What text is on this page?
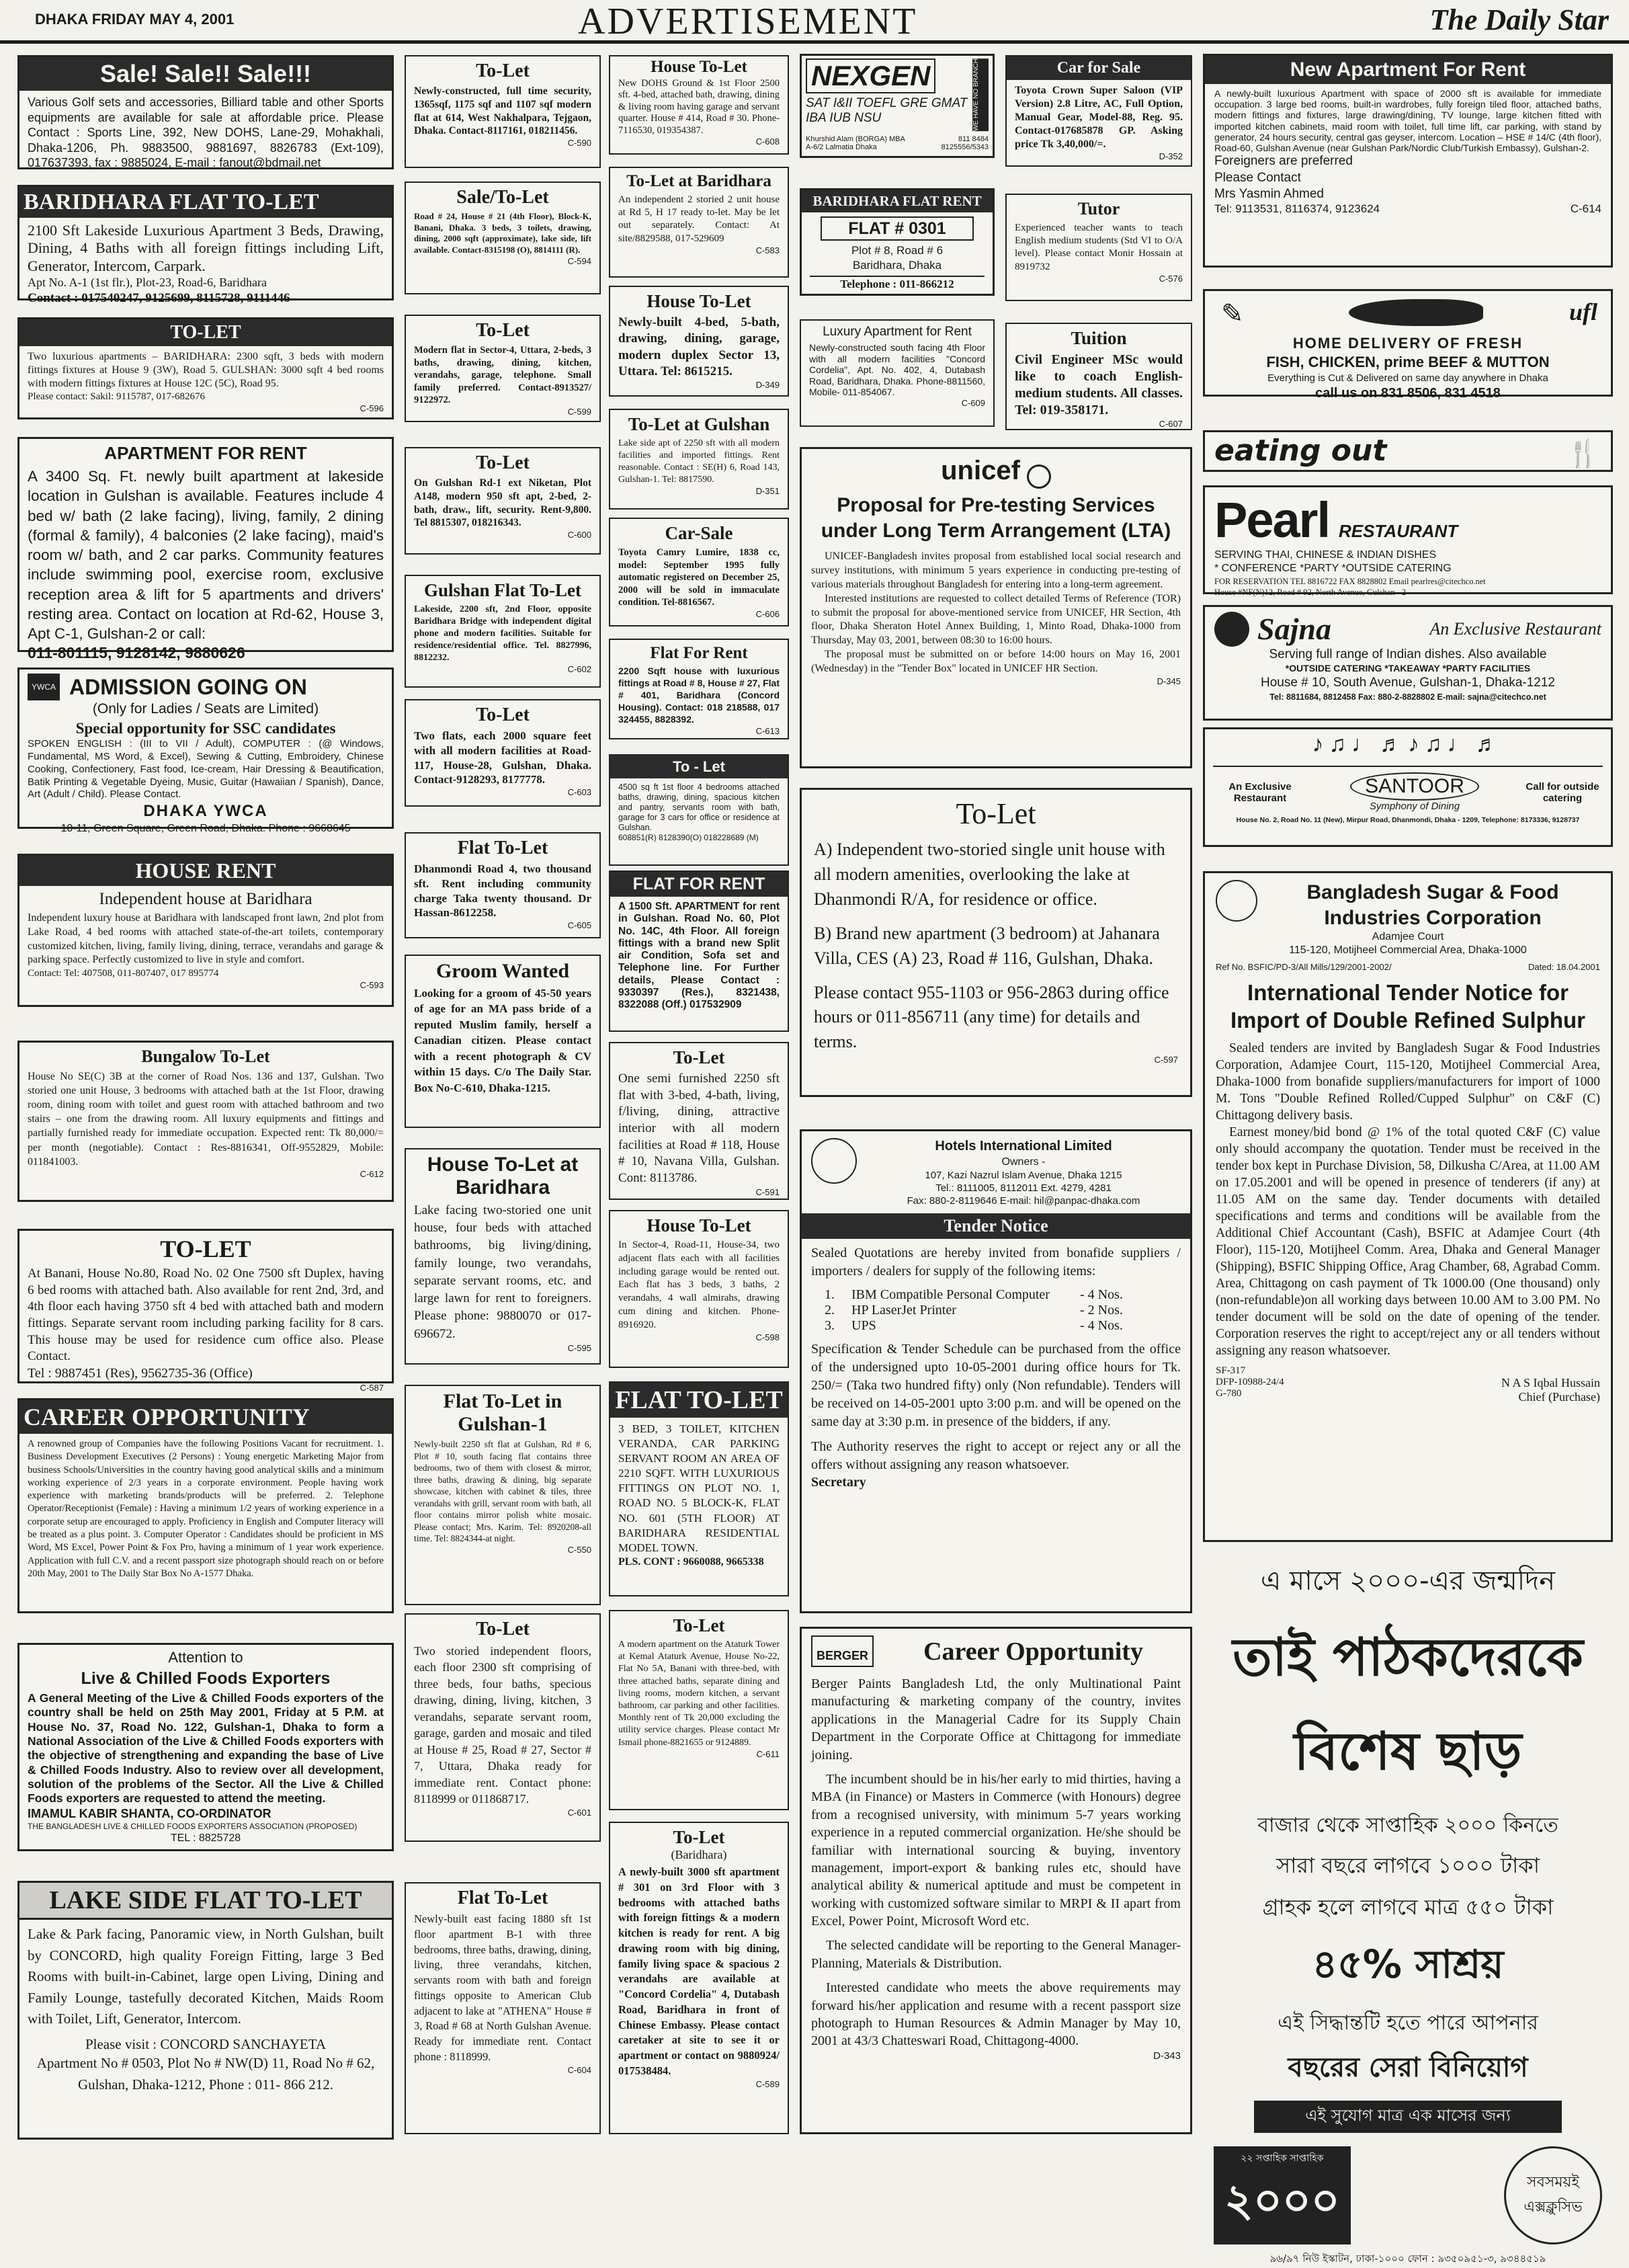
DHAKA FRIDAY MAY 4, 2001	ADVERTISEMENT	The Daily Star
Sale! Sale!! Sale!!!
Various Golf sets and accessories, Billiard table and other Sports equipments are available for sale at affordable price. Please Contact : Sports Line, 392, New DOHS, Lane-29, Mohakhali, Dhaka-1206, Ph. 9883500, 9881697, 8826783 (Ext-109), 017637393, fax : 9885024, E-mail : fanout@bdmail.net
BARIDHARA FLAT TO-LET
2100 Sft Lakeside Luxurious Apartment 3 Beds, Drawing, Dining, 4 Baths with all foreign fittings including Lift, Generator, Intercom, Carpark.
Apt No. A-1 (1st flr.), Plot-23, Road-6, Baridhara
Contact : 017540247, 9125699, 8115728, 9111446
TO-LET
Two luxurious apartments – BARIDHARA: 2300 sqft, 3 beds with modern fittings fixtures at House 9 (3W), Road 5. GULSHAN: 3000 sqft 4 bed rooms with modern fittings fixtures at House 12C (5C), Road 95.
Please contact: Sakil: 9115787, 017-682676
C-596
APARTMENT FOR RENT
A 3400 Sq. Ft. newly built apartment at lakeside location in Gulshan is available. Features include 4 bed w/ bath (2 lake facing), living, family, 2 dining (formal & family), 4 balconies (2 lake facing), maid's room w/ bath, and 2 car parks. Community features include swimming pool, exercise room, exclusive reception area & lift for 5 apartments and drivers' resting area. Contact on location at Rd-62, House 3, Apt C-1, Gulshan-2 or call:
011-801115, 9128142, 9880626
YWCA ADMISSION GOING ON
(Only for Ladies / Seats are Limited)
Special opportunity for SSC candidates
SPOKEN ENGLISH : (III to VII / Adult), COMPUTER : (@ Windows, Fundamental, MS Word, & Excel), Sewing & Cutting, Embroidery, Chinese Cooking, Confectionery, Fast food, Ice-cream, Hair Dressing & Beautification, Batik Printing & Vegetable Dyeing, Music, Guitar (Hawaiian / Spanish), Dance, Art (Adult / Child). Please Contact.
DHAKA YWCA
10-11, Green Square, Green Road, Dhaka. Phone : 9668645
HOUSE RENT
Independent house at Baridhara
Independent luxury house at Baridhara with landscaped front lawn, 2nd plot from Lake Road, 4 bed rooms with attached state-of-the-art toilets, contemporary customized kitchen, living, family living, dining, terrace, verandahs and garage & parking space. Perfectly customized to live in style and comfort.
Contact: Tel: 407508, 011-807407, 017 895774
C-593
Bungalow To-Let
House No SE(C) 3B at the corner of Road Nos. 136 and 137, Gulshan. Two storied one unit House, 3 bedrooms with attached bath at the 1st Floor, drawing room, dining room with toilet and guest room with attached bathroom and two stairs – one from the drawing room. All luxury equipments and fittings and partially furnished ready for immediate occupation. Expected rent: Tk 80,000/= per month (negotiable). Contact : Res-8816341, Off-9552829, Mobile: 011841003.
C-612
TO-LET
At Banani, House No.80, Road No. 02 One 7500 sft Duplex, having 6 bed rooms with attached bath. Also available for rent 2nd, 3rd, and 4th floor each having 3750 sft 4 bed with attached bath and modern fittings. Separate servant room including parking facility for 8 cars. This house may be used for residence cum office also. Please Contact.
Tel : 9887451 (Res), 9562735-36 (Office)
C-587
CAREER OPPORTUNITY
A renowned group of Companies have the following Positions Vacant for recruitment. 1. Business Development Executives (2 Persons) : Young energetic Marketing Major from business Schools/Universities in the country having good analytical skills and a minimum working experience of 2/3 years in a corporate environment. People having work experience with marketing brands/products will be preferred. 2. Telephone Operator/Receptionist (Female) : Having a minimum 1/2 years of working experience in a corporate setup are encouraged to apply. Proficiency in English and Computer literacy will be treated as a plus point. 3. Computer Operator : Candidates should be proficient in MS Word, MS Excel, Power Point & Fox Pro, having a minimum of 1 year work experience. Application with full C.V. and a recent passport size photograph should reach on or before 20th May, 2001 to The Daily Star Box No A-1577 Dhaka.
Attention to
Live & Chilled Foods Exporters
A General Meeting of the Live & Chilled Foods exporters of the country shall be held on 25th May 2001, Friday at 5 P.M. at House No. 37, Road No. 122, Gulshan-1, Dhaka to form a National Association of the Live & Chilled Foods exporters with the objective of strengthening and expanding the base of Live & Chilled Foods Industry. Also to review over all development, solution of the problems of the Sector. All the Live & Chilled Foods exporters are requested to attend the meeting.
IMAMUL KABIR SHANTA, CO-ORDINATOR
THE BANGLADESH LIVE & CHILLED FOODS EXPORTERS ASSOCIATION (PROPOSED)
TEL : 8825728
LAKE SIDE FLAT TO-LET
Lake & Park facing, Panoramic view, in North Gulshan, built by CONCORD, high quality Foreign Fitting, large 3 Bed Rooms with built-in-Cabinet, large open Living, Dining and Family Lounge, tastefully decorated Kitchen, Maids Room with Toilet, Lift, Generator, Intercom.
Please visit : CONCORD SANCHAYETA
Apartment No # 0503, Plot No # NW(D) 11, Road No # 62, Gulshan, Dhaka-1212, Phone : 011- 866 212.
To-Let
Newly-constructed, full time security, 1365sqf, 1175 sqf and 1107 sqf modern flat at 614, West Nakhalpara, Tejgaon, Dhaka. Contact-8117161, 018211456.
C-590
Sale/To-Let
Road # 24, House # 21 (4th Floor), Block-K, Banani, Dhaka. 3 beds, 3 toilets, drawing, dining, 2000 sqft (approximate), lake side, lift available. Contact-8315198 (O), 8814111 (R).
C-594
To-Let
Modern flat in Sector-4, Uttara, 2-beds, 3 baths, drawing, dining, kitchen, verandahs, garage, telephone. Small family preferred. Contact-8913527/ 9122972.
C-599
To-Let
On Gulshan Rd-1 ext Niketan, Plot A148, modern 950 sft apt, 2-bed, 2-bath, draw., lift, security. Rent-9,800. Tel 8815307, 018216343.
C-600
Gulshan Flat To-Let
Lakeside, 2200 sft, 2nd Floor, opposite Baridhara Bridge with independent digital phone and modern facilities. Suitable for residence/residential office. Tel. 8827996, 8812232.
C-602
To-Let
Two flats, each 2000 square feet with all modern facilities at Road-117, House-28, Gulshan, Dhaka. Contact-9128293, 8177778.
C-603
Flat To-Let
Dhanmondi Road 4, two thousand sft. Rent including community charge Taka twenty thousand. Dr Hassan-8612258.
C-605
Groom Wanted
Looking for a groom of 45-50 years of age for an MA pass bride of a reputed Muslim family, herself a Canadian citizen. Please contact with a recent photograph & CV within 15 days. C/o The Daily Star. Box No-C-610, Dhaka-1215.
House To-Let at Baridhara
Lake facing two-storied one unit house, four beds with attached bathrooms, big living/dining, family lounge, two verandahs, separate servant rooms, etc. and large lawn for rent to foreigners. Please phone: 9880070 or 017-696672.
C-595
Flat To-Let in Gulshan-1
Newly-built 2250 sft flat at Gulshan, Rd # 6, Plot # 10, south facing flat contains three bedrooms, two of them with closest & mirror, three baths, drawing & dining, big separate showcase, kitchen with cabinet & tiles, three verandahs with grill, servant room with bath, all floor contains mirror polish white mosaic. Please contact; Mrs. Karim. Tel: 8920208-all time. Tel: 8824344-at night.
C-550
To-Let
Two storied independent floors, each floor 2300 sft comprising of three beds, four baths, specious drawing, dining, living, kitchen, 3 verandahs, separate servant room, garage, garden and mosaic and tiled at House # 25, Road # 27, Sector # 7, Uttara, Dhaka ready for immediate rent. Contact phone: 8118999 or 011868717.
C-601
Flat To-Let
Newly-built east facing 1880 sft 1st floor apartment B-1 with three bedrooms, three baths, drawing, dining, living, three verandahs, kitchen, servants room with bath and foreign fittings opposite to American Club adjacent to lake at "ATHENA" House # 3, Road # 68 at North Gulshan Avenue. Ready for immediate rent. Contact phone : 8118999.
C-604
House To-Let
New DOHS Ground & 1st Floor 2500 sft. 4-bed, attached bath, drawing, dining & living room having garage and servant quarter. House # 414, Road # 30. Phone-7116530, 019354387.
C-608
To-Let at Baridhara
An independent 2 storied 2 unit house at Rd 5, H 17 ready to-let. May be let out separately. Contact: At site/8829588, 017-529609
C-583
House To-Let
Newly-built 4-bed, 5-bath, drawing, dining, garage, modern duplex Sector 13, Uttara. Tel: 8615215.
D-349
To-Let at Gulshan
Lake side apt of 2250 sft with all modern facilities and imported fittings. Rent reasonable. Contact : SE(H) 6, Road 143, Gulshan-1. Tel: 8817590.
D-351
Car-Sale
Toyota Camry Lumire, 1838 cc, model: September 1995 fully automatic registered on December 25, 2000 will be sold in immaculate condition. Tel-8816567.
C-606
Flat For Rent
2200 Sqft house with luxurious fittings at Road # 8, House # 27, Flat # 401, Baridhara (Concord Housing). Contact: 018 218588, 017 324455, 8828392.
C-613
To - Let
4500 sq ft 1st floor 4 bedrooms attached baths, drawing, dining, spacious kitchen and pantry, servants room with bath, garage for 3 cars for office or residence at Gulshan.
608851(R) 8128390(O) 018228689 (M)
FLAT FOR RENT
A 1500 Sft. APARTMENT for rent in Gulshan. Road No. 60, Plot No. 14C, 4th Floor. All foreign fittings with a brand new Split air Condition, Sofa set and Telephone line. For Further details, Please Contact : 9330397 (Res.), 8321438, 8322088 (Off.) 017532909
To-Let
One semi furnished 2250 sft flat with 3-bed, 4-bath, living, f/living, dining, attractive interior with all modern facilities at Road # 118, House # 10, Navana Villa, Gulshan. Cont: 8113786.
C-591
House To-Let
In Sector-4, Road-11, House-34, two adjacent flats each with all facilities including garage would be rented out. Each flat has 3 beds, 3 baths, 2 verandahs, 4 wall almirahs, drawing cum dining and kitchen. Phone-8916920.
C-598
FLAT TO-LET
3 BED, 3 TOILET, KITCHEN VERANDA, CAR PARKING SERVANT ROOM AN AREA OF 2210 SQFT. WITH LUXURIOUS FITTINGS ON PLOT NO. 1, ROAD NO. 5 BLOCK-K, FLAT NO. 601 (5TH FLOOR) AT BARIDHARA RESIDENTIAL MODEL TOWN.
PLS. CONT : 9660088, 9665338
To-Let
A modern apartment on the Ataturk Tower at Kemal Ataturk Avenue, House No-22, Flat No 5A, Banani with three-bed, with three attached baths, separate dining and living rooms, modern kitchen, a servant bathroom, car parking and other facilities. Monthly rent of Tk 20,000 excluding the utility service charges. Please contact Mr Ismail phone-8821655 or 9124889.
C-611
To-Let
(Baridhara)
A newly-built 3000 sft apartment # 301 on 3rd Floor with 3 bedrooms with attached baths with foreign fittings & a modern kitchen is ready for rent. A big drawing room with big dining, family living space & spacious 2 verandahs are available at "Concord Cordelia" 4, Dutabash Road, Baridhara in front of Chinese Embassy. Please contact caretaker at site to see it or apartment or contact on 9880924/ 017538484.
C-589
NEXGEN
SAT I&II TOEFL GRE GMAT IBA IUB NSU	WE HAVE NO BRANCH
Khurshid Alam (BORGA) MBA	811 8484
A-6/2 Lalmatia Dhaka	8125556/5343
Car for Sale
Toyota Crown Super Saloon (VIP Version) 2.8 Litre, AC, Full Option, Manual Gear, Model-88, Reg. 95. Contact-017685878 GP. Asking price Tk 3,40,000/=.
D-352
BARIDHARA FLAT RENT
FLAT # 0301
Plot # 8, Road # 6
Baridhara, Dhaka
Telephone : 011-866212
Tutor
Experienced teacher wants to teach English medium students (Std VI to O/A level). Please contact Monir Hossain at 8919732
C-576
Luxury Apartment for Rent
Newly-constructed south facing 4th Floor with all modern facilities "Concord Cordelia", Apt. No. 402, 4, Dutabash Road, Baridhara, Dhaka. Phone-8811560, Mobile- 011-854067.
C-609
Tuition
Civil Engineer MSc would like to coach English-medium students. All classes. Tel: 019-358171.
C-607
unicef
Proposal for Pre-testing Services under Long Term Arrangement (LTA)
UNICEF-Bangladesh invites proposal from established local social research and survey institutions, with minimum 5 years experience in conducting pre-testing of various materials throughout Bangladesh for entering into a long-term agreement.
Interested institutions are requested to collect detailed Terms of Reference (TOR) to submit the proposal for above-mentioned service from UNICEF, HR Section, 4th floor, Dhaka Sheraton Hotel Annex Building, 1, Minto Road, Dhaka-1000 from Thursday, May 03, 2001, between 08:30 to 16:00 hours.
The proposal must be submitted on or before 14:00 hours on May 16, 2001 (Wednesday) in the "Tender Box" located in UNICEF HR Section.
D-345
To-Let
A) Independent two-storied single unit house with all modern amenities, overlooking the lake at Dhanmondi R/A, for residence or office.
B) Brand new apartment (3 bedroom) at Jahanara Villa, CES (A) 23, Road # 116, Gulshan, Dhaka.
Please contact 955-1103 or 956-2863 during office hours or 011-856711 (any time) for details and terms.
C-597
Hotels International Limited
Owners -
107, Kazi Nazrul Islam Avenue, Dhaka 1215
Tel.: 8111005, 8112011 Ext. 4279, 4281
Fax: 880-2-8119646 E-mail: hil@panpac-dhaka.com
Tender Notice
Sealed Quotations are hereby invited from bonafide suppliers / importers / dealers for supply of the following items:
1.	IBM Compatible Personal Computer	- 4 Nos.
2.	HP LaserJet Printer	- 2 Nos.
3.	UPS	- 4 Nos.
Specification & Tender Schedule can be purchased from the office of the undersigned upto 10-05-2001 during office hours for Tk. 250/= (Taka two hundred fifty) only (Non refundable). Tenders will be received on 14-05-2001 upto 3:00 p.m. and will be opened on the same day at 3:30 p.m. in presence of the bidders, if any.
The Authority reserves the right to accept or reject any or all the offers without assigning any reason whatsoever.
Secretary
BERGER	Career Opportunity
Berger Paints Bangladesh Ltd, the only Multinational Paint manufacturing & marketing company of the country, invites applications in the Managerial Cadre for its Supply Chain Department in the Corporate Office at Chittagong for immediate joining.
The incumbent should be in his/her early to mid thirties, having a MBA (in Finance) or Masters in Commerce (with Honours) degree from a recognised university, with minimum 5-7 years working experience in a reputed commercial organization. He/she should be familiar with international sourcing & buying, inventory management, import-export & banking rules etc, should have analytical ability & numerical aptitude and must be competent in working with customized software similar to MRPI & II apart from Excel, Power Point, Microsoft Word etc.
The selected candidate will be reporting to the General Manager-Planning, Materials & Distribution.
Interested candidate who meets the above requirements may forward his/her application and resume with a recent passport size photograph to Human Resources & Admin Manager by May 10, 2001 at 43/3 Chatteswari Road, Chittagong-4000.
D-343
New Apartment For Rent
A newly-built luxurious Apartment with space of 2000 sft is available for immediate occupation. 3 large bed rooms, built-in wardrobes, fully foreign tiled floor, attached baths, modern fittings and fixtures, large drawing/dining, TV lounge, large kitchen fitted with imported kitchen cabinets, maid room with toilet, full time lift, car parking, with stand by generator, 24 hours security, central gas geyser, intercom. Location – HSE # 14/C (4th floor), Road-60, Gulshan Avenue (near Gulshan Park/Nordic Club/Turkish Embassy), Gulshan-2.
Foreigners are preferred
Please Contact
Mrs Yasmin Ahmed
Tel: 9113531, 8116374, 9123624	C-614
✎	ufl
HOME DELIVERY OF FRESH
FISH, CHICKEN, prime BEEF & MUTTON
Everything is Cut & Delivered on same day anywhere in Dhaka
call us on 831 8506, 831 4518
eating out	🍴
Pearl RESTAURANT
SERVING THAI, CHINESE & INDIAN DISHES
* CONFERENCE *PARTY *OUTSIDE CATERING
FOR RESERVATION TEL 8816722 FAX 8828802 Email pearlres@citechco.net
House #NF(N)12, Road # 92, North Avenue, Gulshan - 2
Sajna	An Exclusive Restaurant
Serving full range of Indian dishes. Also available
*OUTSIDE CATERING *TAKEAWAY *PARTY FACILITIES
House # 10, South Avenue, Gulshan-1, Dhaka-1212
Tel: 8811684, 8812458 Fax: 880-2-8828802 E-mail: sajna@citechco.net
♪♫♩♬♪♫♩♬
An Exclusive Restaurant
SANTOOR
Symphony of Dining
Call for outside catering
House No. 2, Road No. 11 (New), Mirpur Road, Dhanmondi, Dhaka - 1209, Telephone: 8173336, 9128737
Bangladesh Sugar & Food Industries Corporation
Adamjee Court
115-120, Motijheel Commercial Area, Dhaka-1000
Ref No. BSFIC/PD-3/All Mills/129/2001-2002/	Dated: 18.04.2001
International Tender Notice for Import of Double Refined Sulphur
Sealed tenders are invited by Bangladesh Sugar & Food Industries Corporation, Adamjee Court, 115-120, Motijheel Commercial Area, Dhaka-1000 from bonafide suppliers/manufacturers for import of 1000 M. Tons "Double Refined Rolled/Cupped Sulphur" on C&F (C) Chittagong delivery basis.
Earnest money/bid bond @ 1% of the total quoted C&F (C) value only should accompany the quotation. Tender must be received in the tender box kept in Purchase Division, 58, Dilkusha C/Area, at 11.00 AM on 17.05.2001 and will be opened in presence of tenderers (if any) at 11.05 AM on the same day. Tender documents with detailed specifications and terms and conditions will be available from the Additional Chief Accountant (Cash), BSFIC at Adamjee Court (4th Floor), 115-120, Motijheel Comm. Area, Dhaka and General Manager (Shipping), BSFIC Shipping Office, Arag Chamber, 68, Agrabad Comm. Area, Chittagong on cash payment of Tk 1000.00 (One thousand) only (non-refundable)on all working days between 10.00 AM to 3.00 PM. No tender document will be sold on the date of opening of the tender. Corporation reserves the right to accept/reject any or all tenders without assigning any reason whatsoever.
SF-317
DFP-10988-24/4
G-780
N A S Iqbal Hussain
Chief (Purchase)
এ মাসে ২০০০-এর জন্মদিন
তাই পাঠকদেরকে
বিশেষ ছাড়
বাজার থেকে সাপ্তাহিক ২০০০ কিনতে
সারা বছরে লাগবে ১০০০ টাকা
গ্রাহক হলে লাগবে মাত্র ৫৫০ টাকা
৪৫% সাশ্রয়
এই সিদ্ধান্তটি হতে পারে আপনার
বছরের সেরা বিনিয়োগ
এই সুযোগ মাত্র এক মাসের জন্য
২২ সপ্তাহিক সাপ্তাহিক
২০০০	সবসময়ই এক্সক্লুসিভ
৯৬/৯৭ নিউ ইস্কাটন, ঢাকা-১০০০ ফোন : ৯৩৫০৯৫১-৩, ৯৩৪৪৫১৯
